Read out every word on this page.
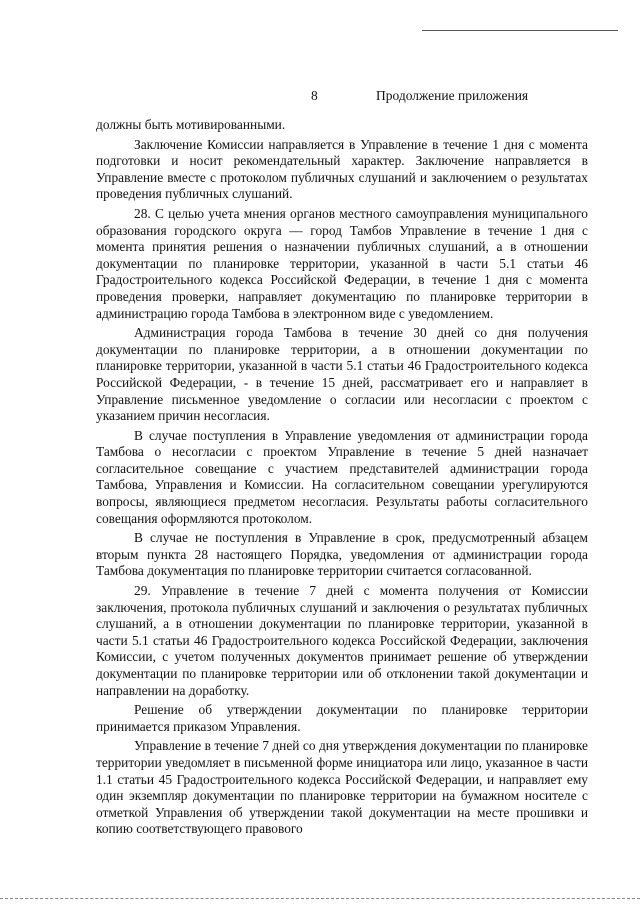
8	Продолжение приложения

должны быть мотивированными.

Заключение Комиссии направляется в Управление в течение 1 дня с момента подготовки и носит рекомендательный характер. Заключение направляется в Управление вместе с протоколом публичных слушаний и заключением о результатах проведения публичных слушаний.

28. С целью учета мнения органов местного самоуправления муниципального образования городского округа — город Тамбов Управление в течение 1 дня с момента принятия решения о назначении публичных слушаний, а в отношении документации по планировке территории, указанной в части 5.1 статьи 46 Градостроительного кодекса Российской Федерации, в течение 1 дня с момента проведения проверки, направляет документацию по планировке территории в администрацию города Тамбова в электронном виде с уведомлением.

Администрация города Тамбова в течение 30 дней со дня получения документации по планировке территории, а в отношении документации по планировке территории, указанной в части 5.1 статьи 46 Градостроительного кодекса Российской Федерации, - в течение 15 дней, рассматривает его и направляет в Управление письменное уведомление о согласии или несогласии с проектом с указанием причин несогласия.

В случае поступления в Управление уведомления от администрации города Тамбова о несогласии с проектом Управление в течение 5 дней назначает согласительное совещание с участием представителей администрации города Тамбова, Управления и Комиссии. На согласительном совещании урегулируются вопросы, являющиеся предметом несогласия. Результаты работы согласительного совещания оформляются протоколом.

В случае не поступления в Управление в срок, предусмотренный абзацем вторым пункта 28 настоящего Порядка, уведомления от администрации города Тамбова документация по планировке территории считается согласованной.

29. Управление в течение 7 дней с момента получения от Комиссии заключения, протокола публичных слушаний и заключения о результатах публичных слушаний, а в отношении документации по планировке территории, указанной в части 5.1 статьи 46 Градостроительного кодекса Российской Федерации, заключения Комиссии, с учетом полученных документов принимает решение об утверждении документации по планировке территории или об отклонении такой документации и направлении на доработку.

Решение об утверждении документации по планировке территории принимается приказом Управления.

Управление в течение 7 дней со дня утверждения документации по планировке территории уведомляет в письменной форме инициатора или лицо, указанное в части 1.1 статьи 45 Градостроительного кодекса Российской Федерации, и направляет ему один экземпляр документации по планировке территории на бумажном носителе с отметкой Управления об утверждении такой документации на месте прошивки и копию соответствующего правового
